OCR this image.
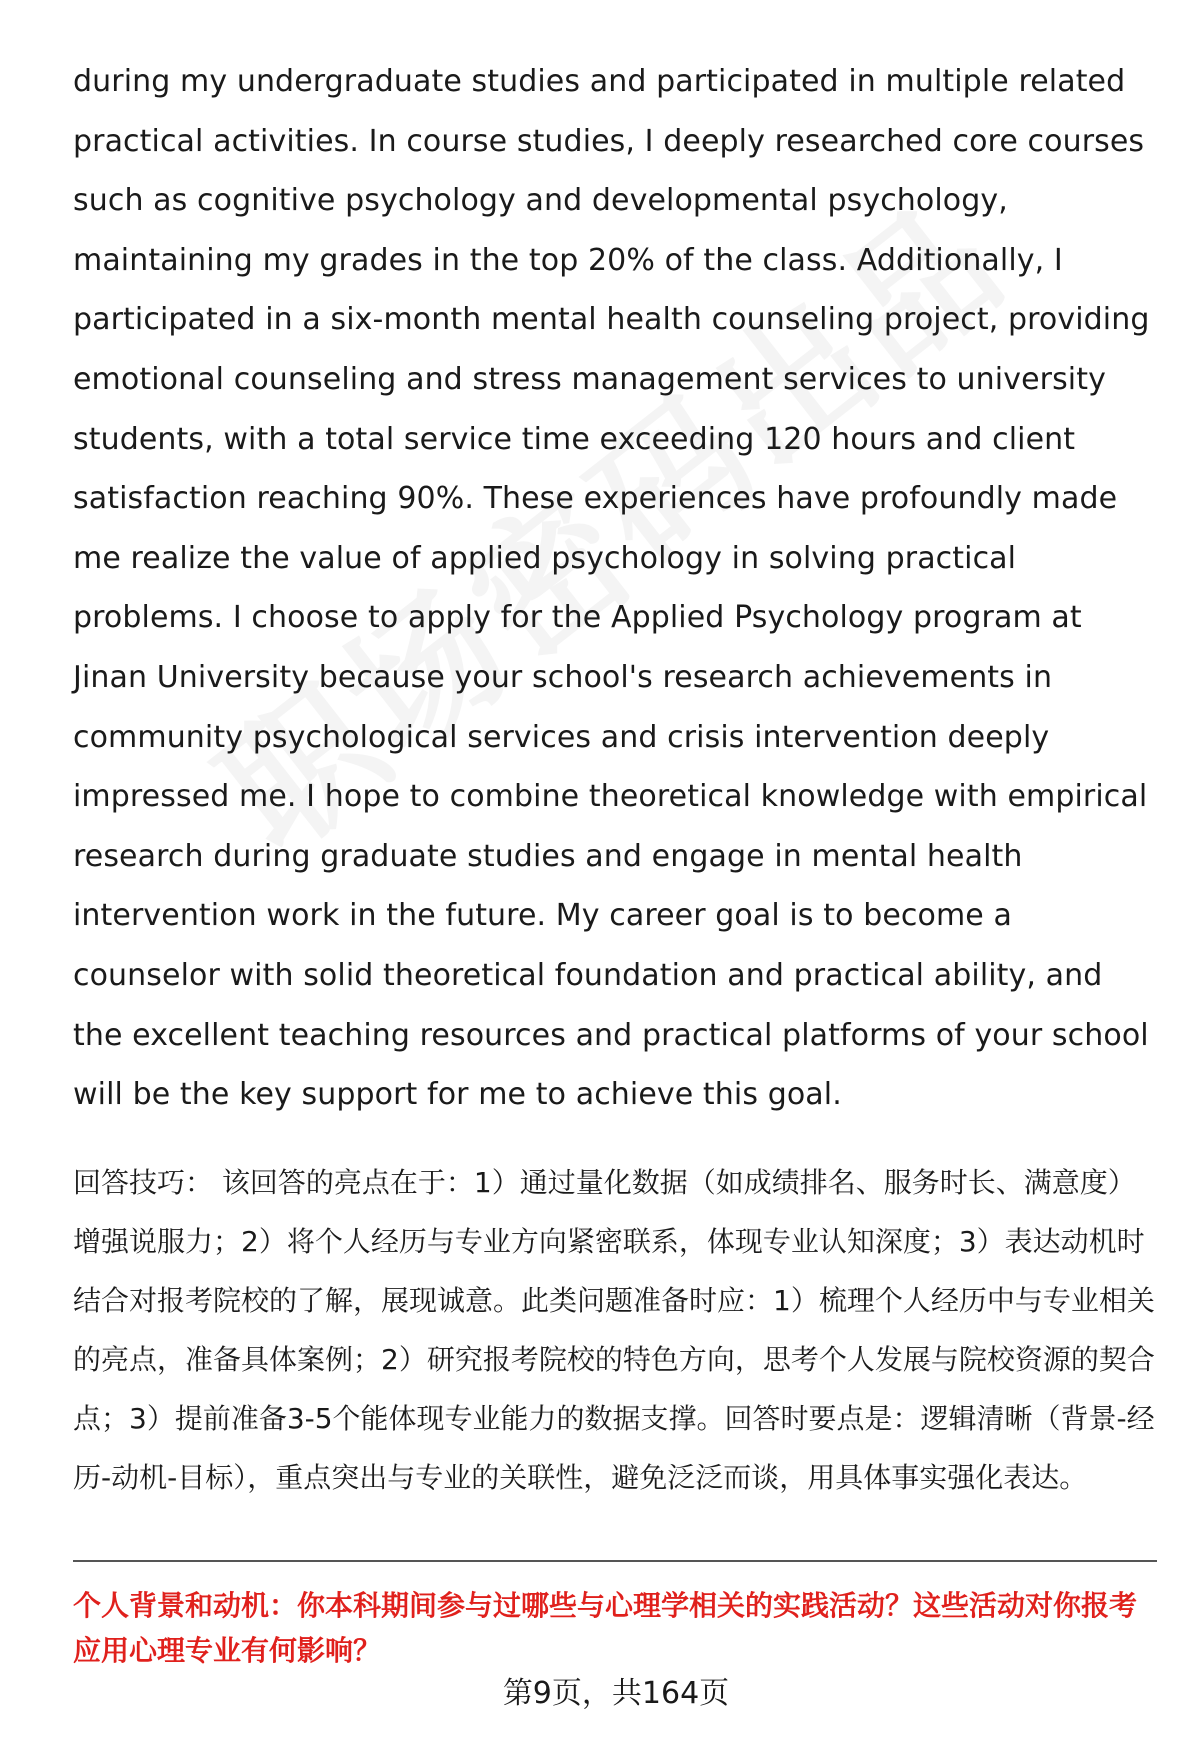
during my undergraduate studies and participated in multiple related practical activities. In course studies, I deeply researched core courses such as cognitive psychology and developmental psychology, maintaining my grades in the top 20% of the class. Additionally, I participated in a six-month mental health counseling project, providing emotional counseling and stress management services to university students, with a total service time exceeding 120 hours and client satisfaction reaching 90%. These experiences have profoundly made me realize the value of applied psychology in solving practical problems. I choose to apply for the Applied Psychology program at Jinan University because your school's research achievements in community psychological services and crisis intervention deeply impressed me. I hope to combine theoretical knowledge with empirical research during graduate studies and engage in mental health intervention work in the future. My career goal is to become a counselor with solid theoretical foundation and practical ability, and the excellent teaching resources and practical platforms of your school will be the key support for me to achieve this goal.

回答技巧： 该回答的亮点在于：1）通过量化数据（如成绩排名、服务时长、满意度）增强说服力；2）将个人经历与专业方向紧密联系，体现专业认知深度；3）表达动机时结合对报考院校的了解，展现诚意。此类问题准备时应：1）梳理个人经历中与专业相关的亮点，准备具体案例；2）研究报考院校的特色方向，思考个人发展与院校资源的契合点；3）提前准备3-5个能体现专业能力的数据支撑。回答时要点是：逻辑清晰（背景-经历-动机-目标），重点突出与专业的关联性，避免泛泛而谈，用具体事实强化表达。

个人背景和动机：你本科期间参与过哪些与心理学相关的实践活动？这些活动对你报考应用心理专业有何影响？
第9页，共164页
